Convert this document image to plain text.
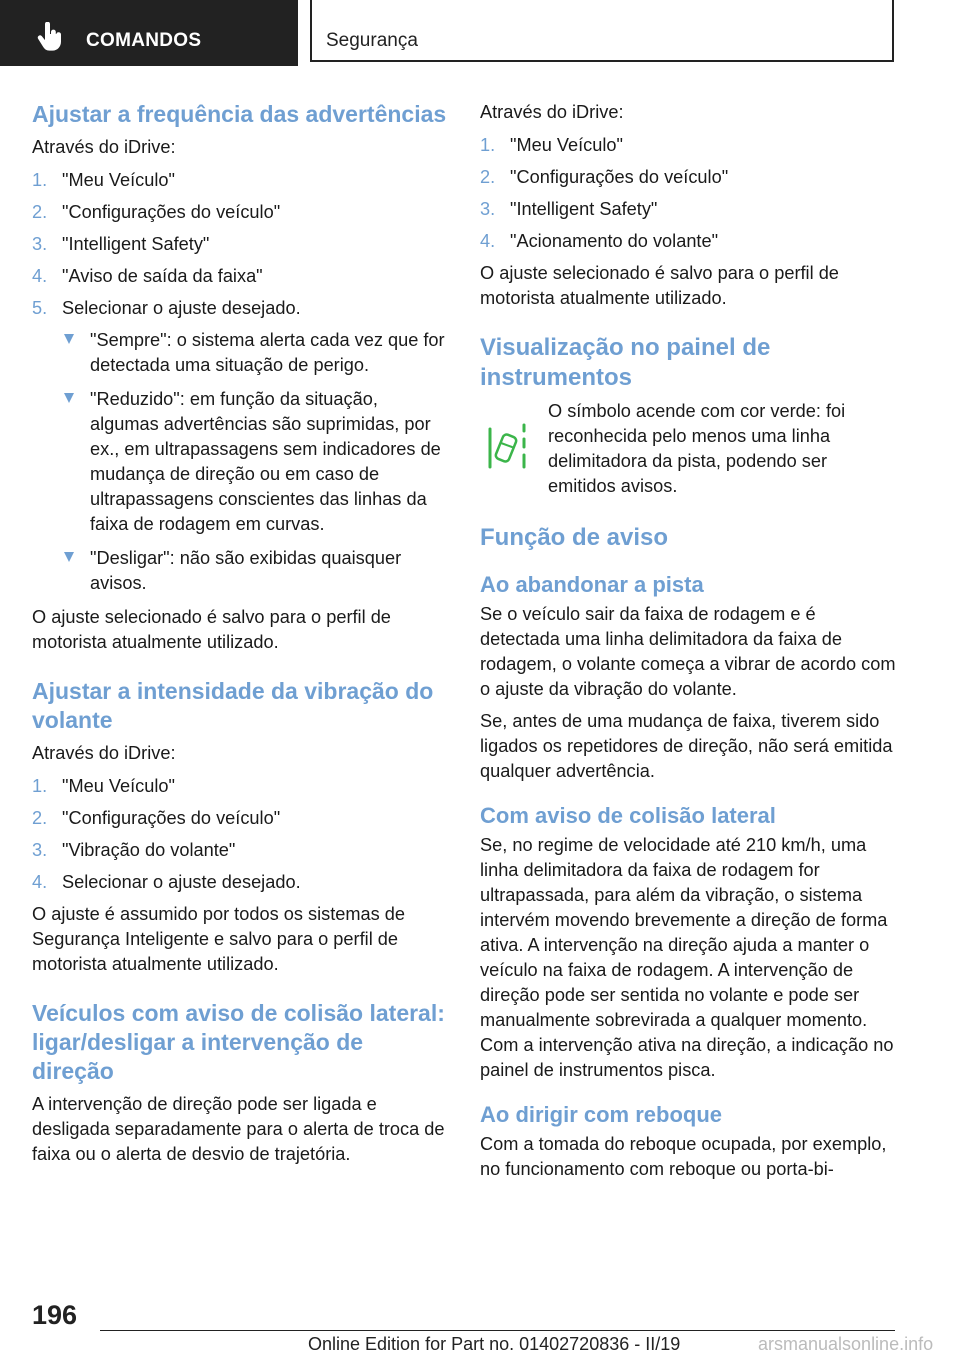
COMANDOS	Segurança
Ajustar a frequência das advertências

Através do iDrive:

1. "Meu Veículo"
2. "Configurações do veículo"
3. "Intelligent Safety"
4. "Aviso de saída da faixa"
5. Selecionar o ajuste desejado.
"Sempre": o sistema alerta cada vez que for detectada uma situação de perigo.
"Reduzido": em função da situação, algumas advertências são suprimidas, por ex., em ultrapassagens sem indicadores de mudança de direção ou em caso de ultrapassagens conscientes das linhas da faixa de rodagem em curvas.
"Desligar": não são exibidas quaisquer avisos.

O ajuste selecionado é salvo para o perfil de motorista atualmente utilizado.

Ajustar a intensidade da vibração do volante

Através do iDrive:

1. "Meu Veículo"
2. "Configurações do veículo"
3. "Vibração do volante"
4. Selecionar o ajuste desejado.

O ajuste é assumido por todos os sistemas de Segurança Inteligente e salvo para o perfil de motorista atualmente utilizado.

Veículos com aviso de colisão lateral: ligar/desligar a intervenção de direção

A intervenção de direção pode ser ligada e desligada separadamente para o alerta de troca de faixa ou o alerta de desvio de trajetória.

Através do iDrive:

1. "Meu Veículo"
2. "Configurações do veículo"
3. "Intelligent Safety"
4. "Acionamento do volante"

O ajuste selecionado é salvo para o perfil de motorista atualmente utilizado.

Visualização no painel de instrumentos
O símbolo acende com cor verde: foi reconhecida pelo menos uma linha delimitadora da pista, podendo ser emitidos avisos.
Função de aviso
Ao abandonar a pista

Se o veículo sair da faixa de rodagem e é detectada uma linha delimitadora da faixa de rodagem, o volante começa a vibrar de acordo com o ajuste da vibração do volante.

Se, antes de uma mudança de faixa, tiverem sido ligados os repetidores de direção, não será emitida qualquer advertência.

Com aviso de colisão lateral

Se, no regime de velocidade até 210 km/h, uma linha delimitadora da faixa de rodagem for ultrapassada, para além da vibração, o sistema intervém movendo brevemente a direção de forma ativa. A intervenção na direção ajuda a manter o veículo na faixa de rodagem. A intervenção de direção pode ser sentida no volante e pode ser manualmente sobrevirada a qualquer momento. Com a intervenção ativa na direção, a indicação no painel de instrumentos pisca.

Ao dirigir com reboque

Com a tomada do reboque ocupada, por exemplo, no funcionamento com reboque ou porta-bi-

196
Online Edition for Part no. 01402720836 - II/19	arsmanualsonline.info
